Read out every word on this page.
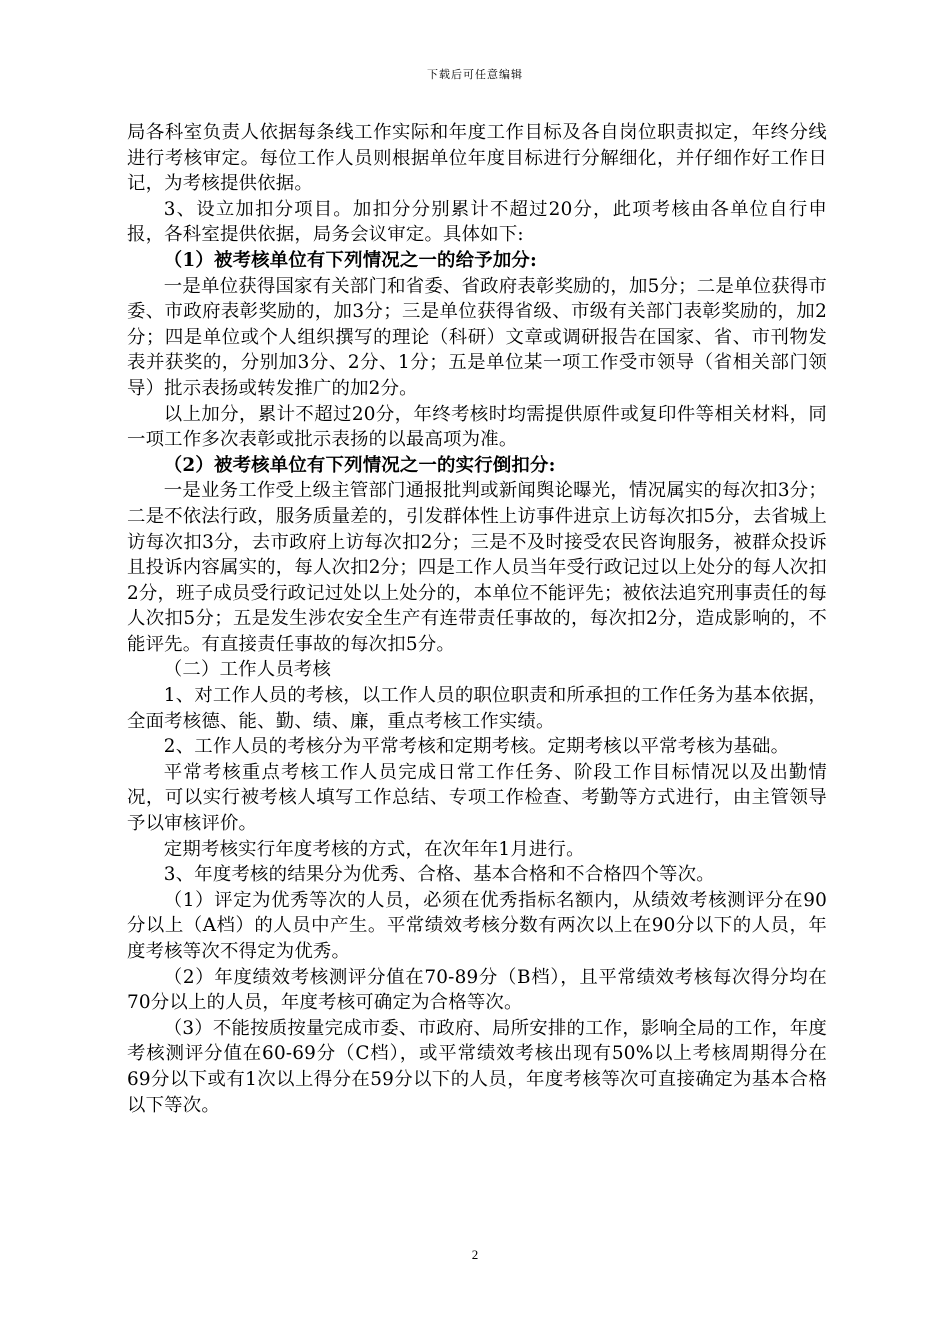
下载后可任意编辑

局各科室负责人依据每条线工作实际和年度工作目标及各自岗位职责拟定，年终分线进行考核审定。每位工作人员则根据单位年度目标进行分解细化，并仔细作好工作日记，为考核提供依据。

3、设立加扣分项目。加扣分分别累计不超过20分，此项考核由各单位自行申报，各科室提供依据，局务会议审定。具体如下:

（1）被考核单位有下列情况之一的给予加分:

一是单位获得国家有关部门和省委、省政府表彰奖励的，加5分；二是单位获得市委、市政府表彰奖励的，加3分；三是单位获得省级、市级有关部门表彰奖励的，加2分；四是单位或个人组织撰写的理论（科研）文章或调研报告在国家、省、市刊物发表并获奖的，分别加3分、2分、1分；五是单位某一项工作受市领导（省相关部门领导）批示表扬或转发推广的加2分。

以上加分，累计不超过20分，年终考核时均需提供原件或复印件等相关材料，同一项工作多次表彰或批示表扬的以最高项为准。

（2）被考核单位有下列情况之一的实行倒扣分:

一是业务工作受上级主管部门通报批判或新闻舆论曝光，情况属实的每次扣3分；二是不依法行政，服务质量差的，引发群体性上访事件进京上访每次扣5分，去省城上访每次扣3分，去市政府上访每次扣2分；三是不及时接受农民咨询服务，被群众投诉且投诉内容属实的，每人次扣2分；四是工作人员当年受行政记过以上处分的每人次扣2分，班子成员受行政记过处以上处分的，本单位不能评先；被依法追究刑事责任的每人次扣5分；五是发生涉农安全生产有连带责任事故的，每次扣2分，造成影响的，不能评先。有直接责任事故的每次扣5分。

（二）工作人员考核

1、对工作人员的考核，以工作人员的职位职责和所承担的工作任务为基本依据，全面考核德、能、勤、绩、廉，重点考核工作实绩。

2、工作人员的考核分为平常考核和定期考核。定期考核以平常考核为基础。

平常考核重点考核工作人员完成日常工作任务、阶段工作目标情况以及出勤情况，可以实行被考核人填写工作总结、专项工作检查、考勤等方式进行，由主管领导予以审核评价。

定期考核实行年度考核的方式，在次年年1月进行。

3、年度考核的结果分为优秀、合格、基本合格和不合格四个等次。

（1）评定为优秀等次的人员，必须在优秀指标名额内，从绩效考核测评分在90分以上（A档）的人员中产生。平常绩效考核分数有两次以上在90分以下的人员，年度考核等次不得定为优秀。

（2）年度绩效考核测评分值在70-89分（B档），且平常绩效考核每次得分均在70分以上的人员，年度考核可确定为合格等次。

（3）不能按质按量完成市委、市政府、局所安排的工作，影响全局的工作，年度考核测评分值在60-69分（C档），或平常绩效考核出现有50%以上考核周期得分在69分以下或有1次以上得分在59分以下的人员，年度考核等次可直接确定为基本合格以下等次。

2
